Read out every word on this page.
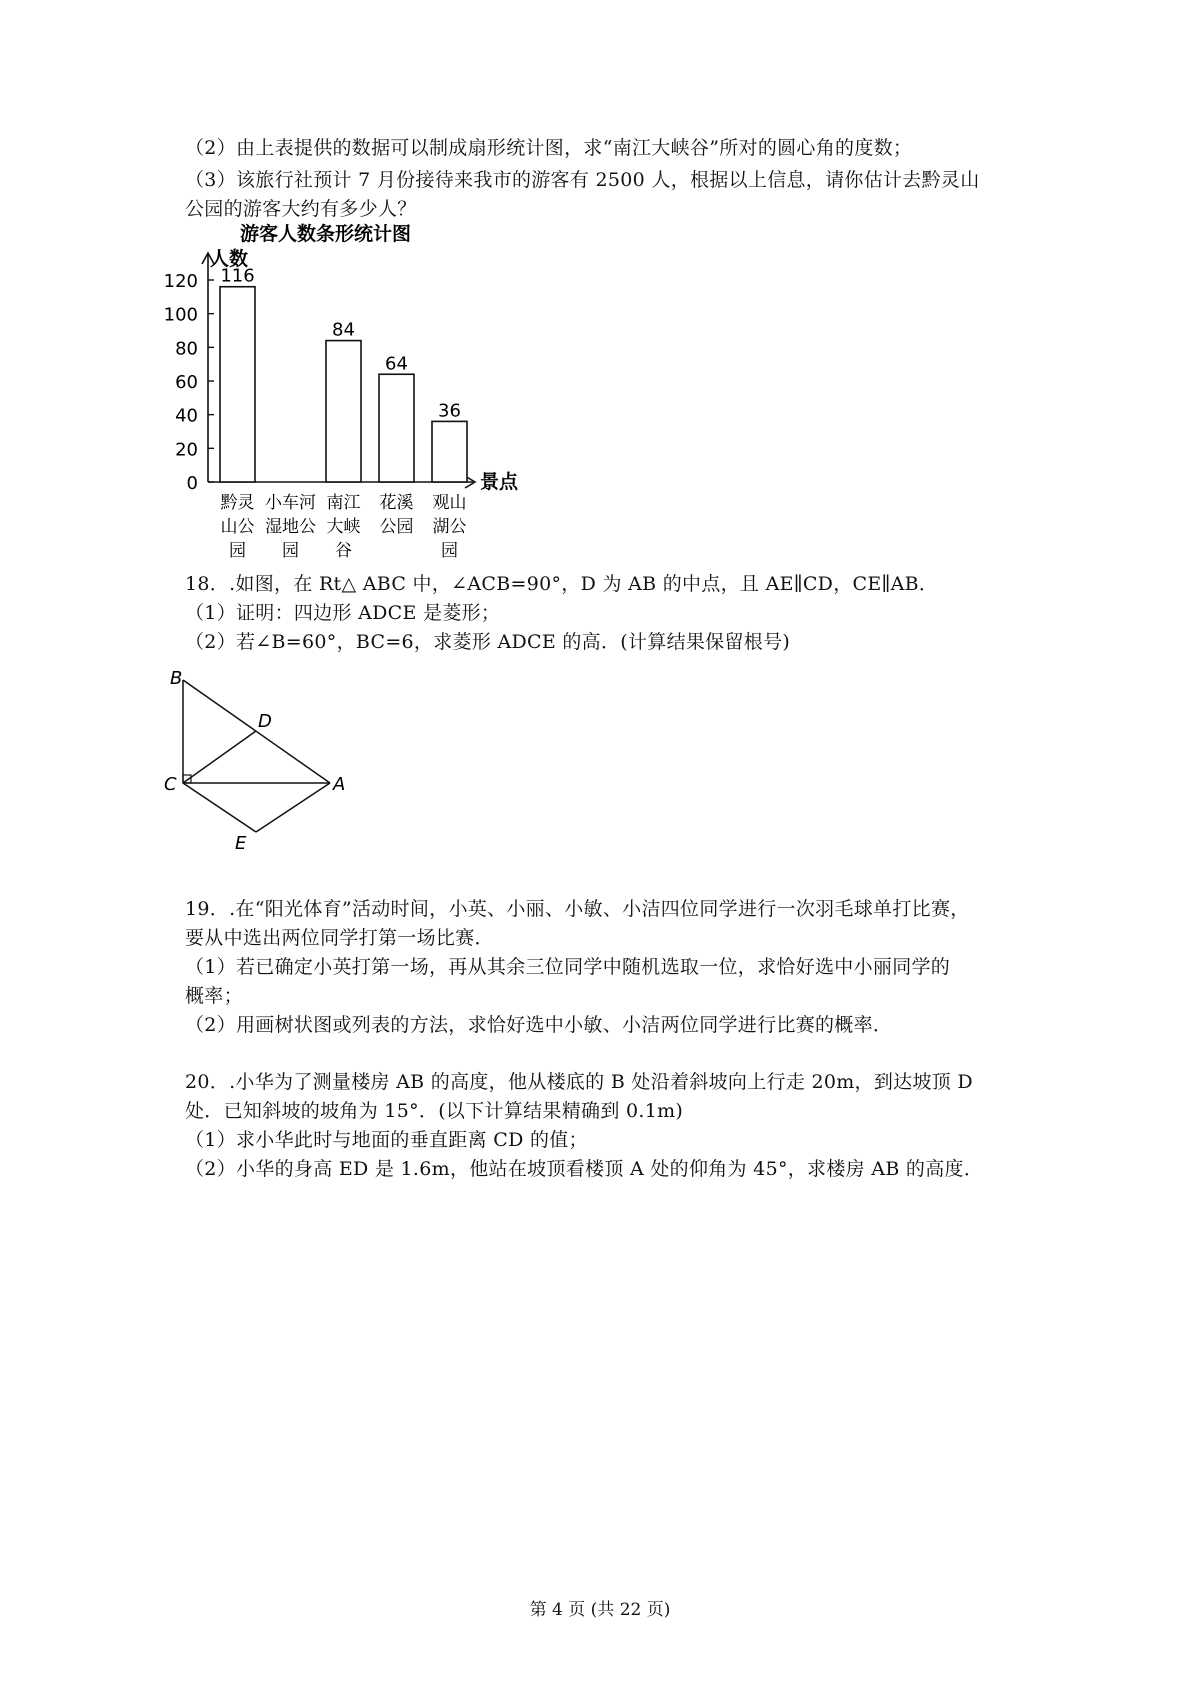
（2）由上表提供的数据可以制成扇形统计图，求“南江大峡谷”所对的圆心角的度数；
（3）该旅行社预计 7 月份接待来我市的游客有 2500 人，根据以上信息，请你估计去黔灵山
公园的游客大约有多少人？
游客人数条形统计图
人数
景点
0
20
40
60
80
100
120 116
黔灵
山公
园
小车河
湿地公
园
84
南江
大峡
谷
64
花溪
公园
36
观山
湖公
园
18．.如图，在 Rt△ ABC 中，∠ACB=90°，D 为 AB 的中点，且 AE∥CD，CE∥AB．
（1）证明：四边形 ADCE 是菱形；
（2）若∠B=60°，BC=6，求菱形 ADCE 的高．(计算结果保留根号)
B
D
C	A
E
19．.在“阳光体育”活动时间，小英、小丽、小敏、小洁四位同学进行一次羽毛球单打比赛，
要从中选出两位同学打第一场比赛．
（1）若已确定小英打第一场，再从其余三位同学中随机选取一位，求恰好选中小丽同学的
概率；
（2）用画树状图或列表的方法，求恰好选中小敏、小洁两位同学进行比赛的概率．
20．.小华为了测量楼房 AB 的高度，他从楼底的 B 处沿着斜坡向上行走 20m，到达坡顶 D
处．已知斜坡的坡角为 15°．(以下计算结果精确到 0.1m)
（1）求小华此时与地面的垂直距离 CD 的值；
（2）小华的身高 ED 是 1.6m，他站在坡顶看楼顶 A 处的仰角为 45°，求楼房 AB 的高度．
第 4 页 (共 22 页)
